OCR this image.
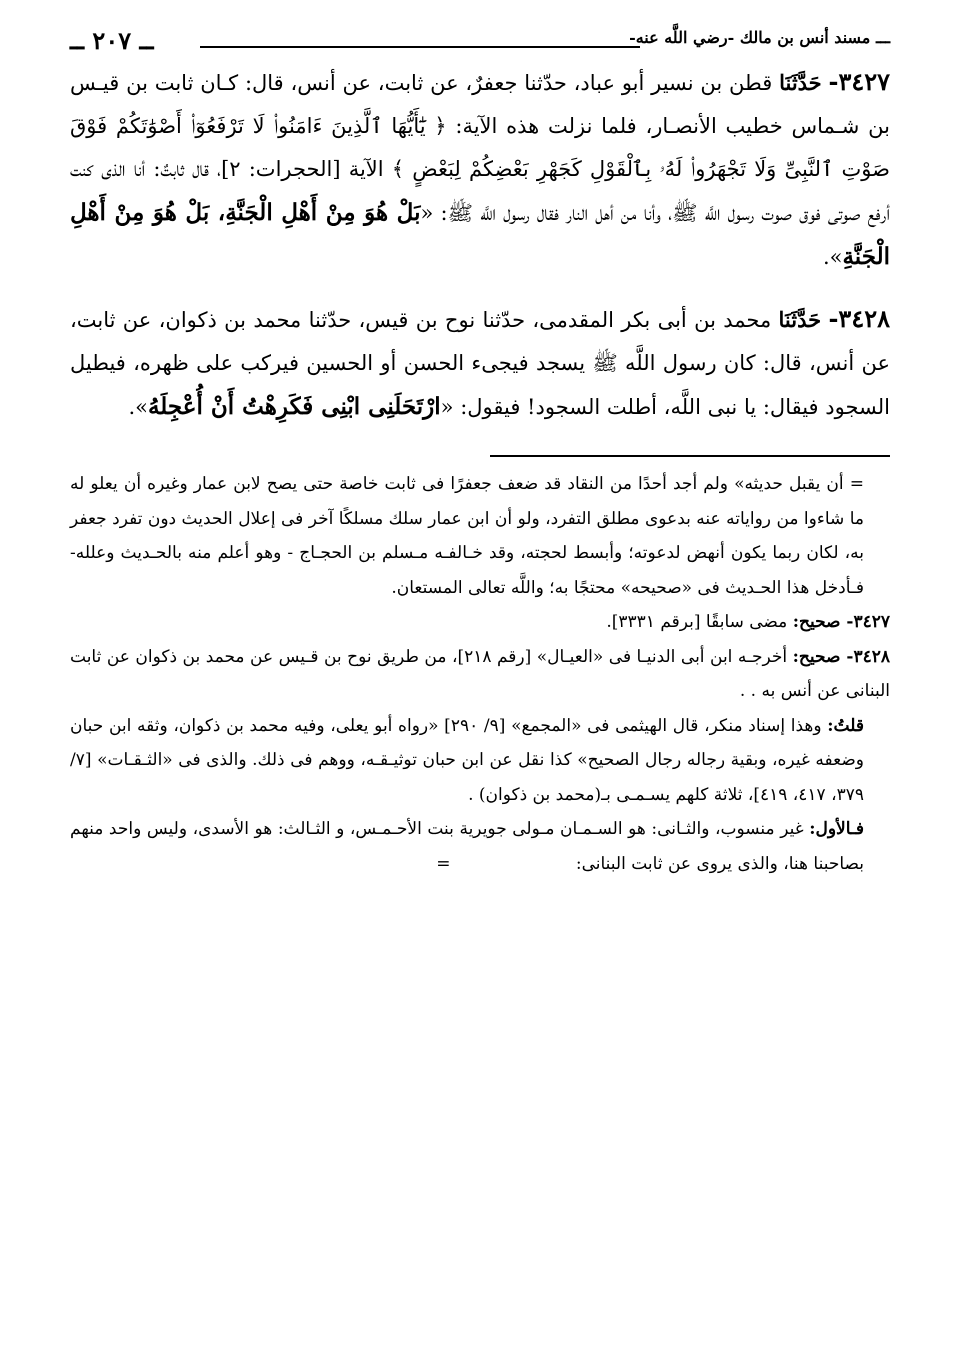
ـــ مسند أنس بن مالك -رضي اللَّه عنه-
ــ ٢٠٧ ــ

٣٤٢٧- حَدَّثَنَا قطن بن نسير أبو عباد، حدّثنا جعفرٌ، عن ثابت، عن أنس، قال: كـان ثابت بن قيـس بن شـماس خطيب الأنصـار، فلما نزلت هذه الآية: ﴿ يَٰٓأَيُّهَا ٱلَّذِينَ ءَامَنُوا۟ لَا تَرْفَعُوٓا۟ أَصْوَٰتَكُمْ فَوْقَ صَوْتِ ٱلنَّبِىِّ وَلَا تَجْهَرُوا۟ لَهُۥ بِٱلْقَوْلِ كَجَهْرِ بَعْضِكُمْ لِبَعْضٍ ﴾ الآية [الحجرات: ٢]، قال ثابتٌ: أنا الذى كنت أرفع صوتى فوق صوت رسول اللَّه ﷺ، وأنا من أهل النار فقال رسول اللَّه ﷺ: «بَلْ هُوَ مِنْ أَهْلِ الْجَنَّةِ، بَلْ هُوَ مِنْ أَهْلِ الْجَنَّةِ».

٣٤٢٨- حَدَّثَنَا محمد بن أبى بكر المقدمى، حدّثنا نوح بن قيس، حدّثنا محمد بن ذكوان، عن ثابت، عن أنس، قال: كان رسول اللَّه ﷺ يسجد فيجىء الحسن أو الحسين فيركب على ظهره، فيطيل السجود فيقال: يا نبى اللَّه، أطلت السجود! فيقول: «ارْتَحَلَنِى ابْنِى فَكَرِهْتُ أَنْ أُعْجِلَهُ».

= أن يقبل حديثه» ولم أجد أحدًا من النقاد قد ضعف جعفرًا فى ثابت خاصة حتى يصح لابن عمار وغيره أن يعلو له ما شاءوا من رواياته عنه بدعوى مطلق التفرد، ولو أن ابن عمار سلك مسلكًا آخر فى إعلال الحديث دون تفرد جعفر به، لكان ربما يكون أنهض لدعوته؛ وأبسط لحجته، وقد خـالفـه مـسلم بن الحجـاج - وهو أعلم منه بالحـديث وعلله- فـأدخل هذا الحـديث فى «صحيحه» محتجًا به؛ واللَّه تعالى المستعان.

٣٤٢٧- صحيح: مضى سابقًا [برقم ٣٣٣١].

٣٤٢٨- صحيح: أخرجـه ابن أبى الدنيـا فى «العيـال» [رقم ٢١٨]، من طريق نوح بن قـيس عن محمد بن ذكوان عن ثابت البنانى عن أنس به . .

قلتُ: وهذا إسناد منكر، قال الهيثمى فى «المجمع» [٩/ ٢٩٠] «رواه أبو يعلى، وفيه محمد بن ذكوان، وثقه ابن حبان وضعفه غيره، وبقية رجاله رجال الصحيح» كذا نقل عن ابن حبان توثيـقـه، ووهم فى ذلك. والذى فى «الثـقـات» [٧/ ٣٧٩، ٤١٧، ٤١٩]، ثلاثة كلهم يسـمـى بـ(محمد بن ذكوان) .

فـالأول: غير منسوب، والثـانى: هو السـمـان مـولى جويرية بنت الأحـمـس، و الثـالث: هو الأسدى، وليس واحد منهم بصاحبنا هنا، والذى يروى عن ثابت البنانى: =
